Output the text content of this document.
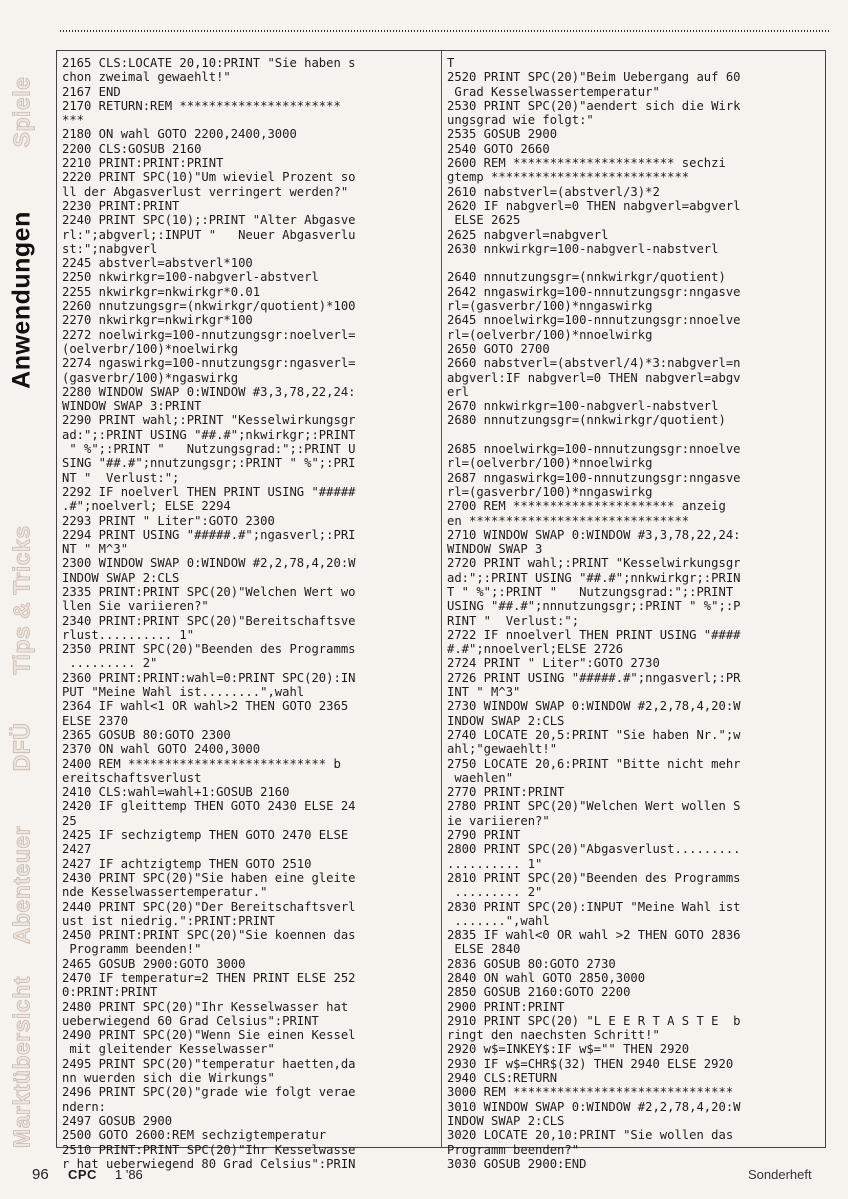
Marktübersicht
Abenteuer
DFÜ
Tips & Tricks
Anwendungen
Spiele
2165 CLS:LOCATE 20,10:PRINT "Sie haben s
chon zweimal gewaehlt!"
2167 END
2170 RETURN:REM **********************
***
2180 ON wahl GOTO 2200,2400,3000
2200 CLS:GOSUB 2160
2210 PRINT:PRINT:PRINT
2220 PRINT SPC(10)"Um wieviel Prozent so
ll der Abgasverlust verringert werden?"
2230 PRINT:PRINT
2240 PRINT SPC(10);:PRINT "Alter Abgasve
rl:";abgverl;:INPUT "   Neuer Abgasverlu
st:";nabgverl
2245 abstverl=abstverl*100
2250 nkwirkgr=100-nabgverl-abstverl
2255 nkwirkgr=nkwirkgr*0.01
2260 nnutzungsgr=(nkwirkgr/quotient)*100
2270 nkwirkgr=nkwirkgr*100
2272 noelwirkg=100-nnutzungsgr:noelverl=
(oelverbr/100)*noelwirkg
2274 ngaswirkg=100-nnutzungsgr:ngasverl=
(gasverbr/100)*ngaswirkg
2280 WINDOW SWAP 0:WINDOW #3,3,78,22,24:
WINDOW SWAP 3:PRINT
2290 PRINT wahl;:PRINT "Kesselwirkungsgr
ad:";:PRINT USING "##.#";nkwirkgr;:PRINT
" %";:PRINT "   Nutzungsgrad:";:PRINT U
SING "##.#";nnutzungsgr;:PRINT " %";:PRI
NT "  Verlust:";
2292 IF noelverl THEN PRINT USING "#####
.#";noelverl; ELSE 2294
2293 PRINT " Liter":GOTO 2300
2294 PRINT USING "#####.#";ngasverl;:PRI
NT " M^3"
2300 WINDOW SWAP 0:WINDOW #2,2,78,4,20:W
INDOW SWAP 2:CLS
2335 PRINT:PRINT SPC(20)"Welchen Wert wo
llen Sie variieren?"
2340 PRINT:PRINT SPC(20)"Bereitschaftsve
rlust.......... 1"
2350 PRINT SPC(20)"Beenden des Programms
......... 2"
2360 PRINT:PRINT:wahl=0:PRINT SPC(20):IN
PUT "Meine Wahl ist........",wahl
2364 IF wahl<1 OR wahl>2 THEN GOTO 2365
ELSE 2370
2365 GOSUB 80:GOTO 2300
2370 ON wahl GOTO 2400,3000
2400 REM *************************** b
ereitschaftsverlust
2410 CLS:wahl=wahl+1:GOSUB 2160
2420 IF gleittemp THEN GOTO 2430 ELSE 24
25
2425 IF sechzigtemp THEN GOTO 2470 ELSE
2427
2427 IF achtzigtemp THEN GOTO 2510
2430 PRINT SPC(20)"Sie haben eine gleite
nde Kesselwassertemperatur."
2440 PRINT SPC(20)"Der Bereitschaftsverl
ust ist niedrig.":PRINT:PRINT
2450 PRINT:PRINT SPC(20)"Sie koennen das
Programm beenden!"
2465 GOSUB 2900:GOTO 3000
2470 IF temperatur=2 THEN PRINT ELSE 252
0:PRINT:PRINT
2480 PRINT SPC(20)"Ihr Kesselwasser hat
ueberwiegend 60 Grad Celsius":PRINT
2490 PRINT SPC(20)"Wenn Sie einen Kessel
mit gleitender Kesselwasser"
2495 PRINT SPC(20)"temperatur haetten,da
nn wuerden sich die Wirkungs"
2496 PRINT SPC(20)"grade wie folgt verae
ndern:
2497 GOSUB 2900
2500 GOTO 2600:REM sechzigtemperatur
2510 PRINT:PRINT SPC(20)"Ihr Kesselwasse
r hat ueberwiegend 80 Grad Celsius":PRIN
T
2520 PRINT SPC(20)"Beim Uebergang auf 60
Grad Kesselwassertemperatur"
2530 PRINT SPC(20)"aendert sich die Wirk
ungsgrad wie folgt:"
2535 GOSUB 2900
2540 GOTO 2660
2600 REM ********************** sechzi
gtemp ***************************
2610 nabstverl=(abstverl/3)*2
2620 IF nabgverl=0 THEN nabgverl=abgverl
ELSE 2625
2625 nabgverl=nabgverl
2630 nnkwirkgr=100-nabgverl-nabstverl
2640 nnnutzungsgr=(nnkwirkgr/quotient)
2642 nngaswirkg=100-nnnutzungsgr:nngasve
rl=(gasverbr/100)*nngaswirkg
2645 nnoelwirkg=100-nnnutzungsgr:nnoelve
rl=(oelverbr/100)*nnoelwirkg
2650 GOTO 2700
2660 nabstverl=(abstverl/4)*3:nabgverl=n
abgverl:IF nabgverl=0 THEN nabgverl=abgv
erl
2670 nnkwirkgr=100-nabgverl-nabstverl
2680 nnnutzungsgr=(nnkwirkgr/quotient)
2685 nnoelwirkg=100-nnnutzungsgr:nnoelve
rl=(oelverbr/100)*nnoelwirkg
2687 nngaswirkg=100-nnnutzungsgr:nngasve
rl=(gasverbr/100)*nngaswirkg
2700 REM ********************** anzeig
en ******************************
2710 WINDOW SWAP 0:WINDOW #3,3,78,22,24:
WINDOW SWAP 3
2720 PRINT wahl;:PRINT "Kesselwirkungsgr
ad:";:PRINT USING "##.#";nnkwirkgr;:PRIN
T " %";:PRINT "   Nutzungsgrad:";:PRINT
USING "##.#";nnnutzungsgr;:PRINT " %";:P
RINT "  Verlust:";
2722 IF nnoelverl THEN PRINT USING "####
#.#";nnoelverl;ELSE 2726
2724 PRINT " Liter":GOTO 2730
2726 PRINT USING "#####.#";nngasverl;:PR
INT " M^3"
2730 WINDOW SWAP 0:WINDOW #2,2,78,4,20:W
INDOW SWAP 2:CLS
2740 LOCATE 20,5:PRINT "Sie haben Nr.";w
ahl;"gewaehlt!"
2750 LOCATE 20,6:PRINT "Bitte nicht mehr
waehlen"
2770 PRINT:PRINT
2780 PRINT SPC(20)"Welchen Wert wollen S
ie variieren?"
2790 PRINT
2800 PRINT SPC(20)"Abgasverlust.........
.......... 1"
2810 PRINT SPC(20)"Beenden des Programms
......... 2"
2830 PRINT SPC(20):INPUT "Meine Wahl ist
.......",wahl
2835 IF wahl<0 OR wahl >2 THEN GOTO 2836
ELSE 2840
2836 GOSUB 80:GOTO 2730
2840 ON wahl GOTO 2850,3000
2850 GOSUB 2160:GOTO 2200
2900 PRINT:PRINT
2910 PRINT SPC(20) "L E E R T A S T E  b
ringt den naechsten Schritt!"
2920 w$=INKEY$:IF w$="" THEN 2920
2930 IF w$=CHR$(32) THEN 2940 ELSE 2920
2940 CLS:RETURN
3000 REM ******************************
3010 WINDOW SWAP 0:WINDOW #2,2,78,4,20:W
INDOW SWAP 2:CLS
3020 LOCATE 20,10:PRINT "Sie wollen das
Programm beenden?"
3030 GOSUB 2900:END
96 CPC 1 '86	Sonderheft
